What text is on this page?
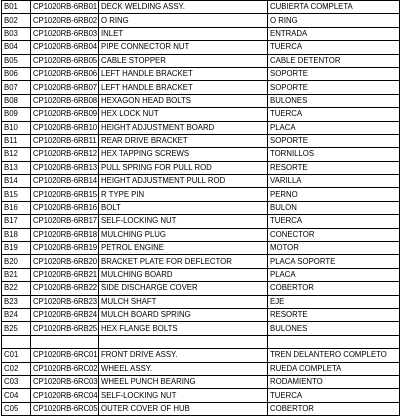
B01	CP1020RB-6RB01	DECK WELDING ASSY.	CUBIERTA COMPLETA
B02	CP1020RB-6RB02	O RING	O RING
B03	CP1020RB-6RB03	INLET	ENTRADA
B04	CP1020RB-6RB04	PIPE CONNECTOR NUT	TUERCA
B05	CP1020RB-6RB05	CABLE STOPPER	CABLE DETENTOR
B06	CP1020RB-6RB06	LEFT HANDLE BRACKET	SOPORTE
B07	CP1020RB-6RB07	LEFT HANDLE BRACKET	SOPORTE
B08	CP1020RB-6RB08	HEXAGON HEAD BOLTS	BULONES
B09	CP1020RB-6RB09	HEX LOCK NUT	TUERCA
B10	CP1020RB-6RB10	HEIGHT ADJUSTMENT BOARD	PLACA
B11	CP1020RB-6RB11	REAR DRIVE BRACKET	SOPORTE
B12	CP1020RB-6RB12	HEX TAPPING SCREWS	TORNILLOS
B13	CP1020RB-6RB13	PULL SPRING FOR PULL ROD	RESORTE
B14	CP1020RB-6RB14	HEIGHT ADJUSTMENT PULL ROD	VARILLA
B15	CP1020RB-6RB15	R TYPE PIN	PERNO
B16	CP1020RB-6RB16	BOLT	BULON
B17	CP1020RB-6RB17	SELF-LOCKING NUT	TUERCA
B18	CP1020RB-6RB18	MULCHING PLUG	CONECTOR
B19	CP1020RB-6RB19	PETROL ENGINE	MOTOR
B20	CP1020RB-6RB20	BRACKET PLATE FOR DEFLECTOR	PLACA SOPORTE
B21	CP1020RB-6RB21	MULCHING BOARD	PLACA
B22	CP1020RB-6RB22	SIDE DISCHARGE COVER	COBERTOR
B23	CP1020RB-6RB23	MULCH SHAFT	EJE
B24	CP1020RB-6RB24	MULCH BOARD SPRING	RESORTE
B25	CP1020RB-6RB25	HEX FLANGE BOLTS	BULONES

C01	CP1020RB-6RC01	FRONT DRIVE ASSY.	TREN DELANTERO COMPLETO
C02	CP1020RB-6RC02	WHEEL ASSY.	RUEDA COMPLETA
C03	CP1020RB-6RC03	WHEEL PUNCH BEARING	RODAMIENTO
C04	CP1020RB-6RC04	SELF-LOCKING NUT	TUERCA
C05	CP1020RB-6RC05	OUTER COVER OF HUB	COBERTOR
